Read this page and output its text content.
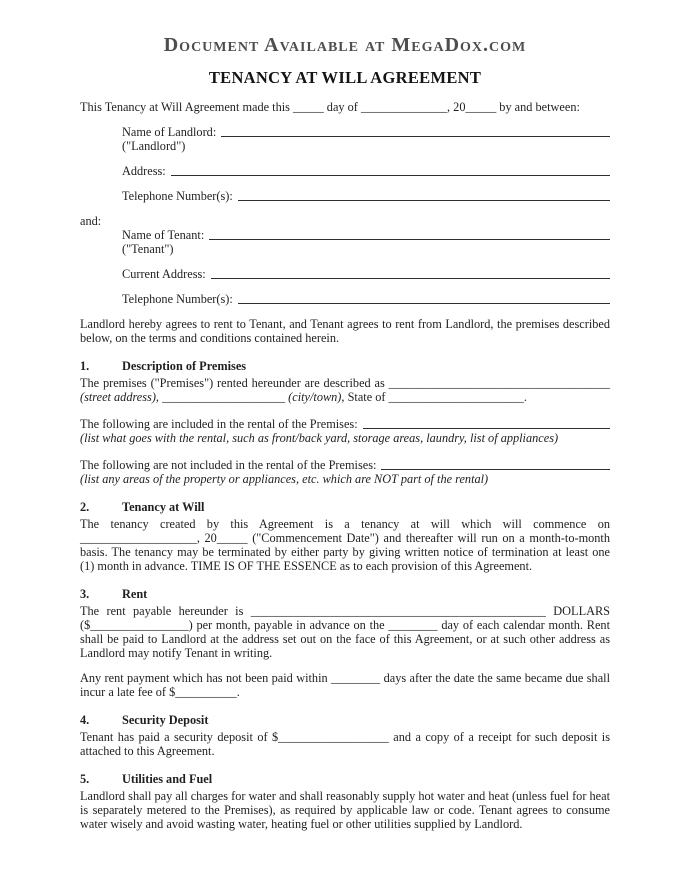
Document Available at MegaDox.com
TENANCY AT WILL AGREEMENT
This Tenancy at Will Agreement made this _____ day of ______________, 20_____ by and between:
Name of Landlord:
("Landlord")
Address:
Telephone Number(s):
and:
Name of Tenant:
("Tenant")
Current Address:
Telephone Number(s):
Landlord hereby agrees to rent to Tenant, and Tenant agrees to rent from Landlord, the premises described below, on the terms and conditions contained herein.
1.	Description of Premises
The premises ("Premises") rented hereunder are described as ____________________________________ (street address), ____________________ (city/town), State of ______________________.
The following are included in the rental of the Premises:
(list what goes with the rental, such as front/back yard, storage areas, laundry, list of appliances)
The following are not included in the rental of the Premises:
(list any areas of the property or appliances, etc. which are NOT part of the rental)
2.	Tenancy at Will
The tenancy created by this Agreement is a tenancy at will which will commence on ___________________, 20_____ ("Commencement Date") and thereafter will run on a month-to-month basis. The tenancy may be terminated by either party by giving written notice of termination at least one (1) month in advance. TIME IS OF THE ESSENCE as to each provision of this Agreement.
3.	Rent
The rent payable hereunder is ________________________________________________ DOLLARS ($________________) per month, payable in advance on the ________ day of each calendar month. Rent shall be paid to Landlord at the address set out on the face of this Agreement, or at such other address as Landlord may notify Tenant in writing.
Any rent payment which has not been paid within ________ days after the date the same became due shall incur a late fee of $__________.
4.	Security Deposit
Tenant has paid a security deposit of $__________________ and a copy of a receipt for such deposit is attached to this Agreement.
5.	Utilities and Fuel
Landlord shall pay all charges for water and shall reasonably supply hot water and heat (unless fuel for heat is separately metered to the Premises), as required by applicable law or code. Tenant agrees to consume water wisely and avoid wasting water, heating fuel or other utilities supplied by Landlord.
